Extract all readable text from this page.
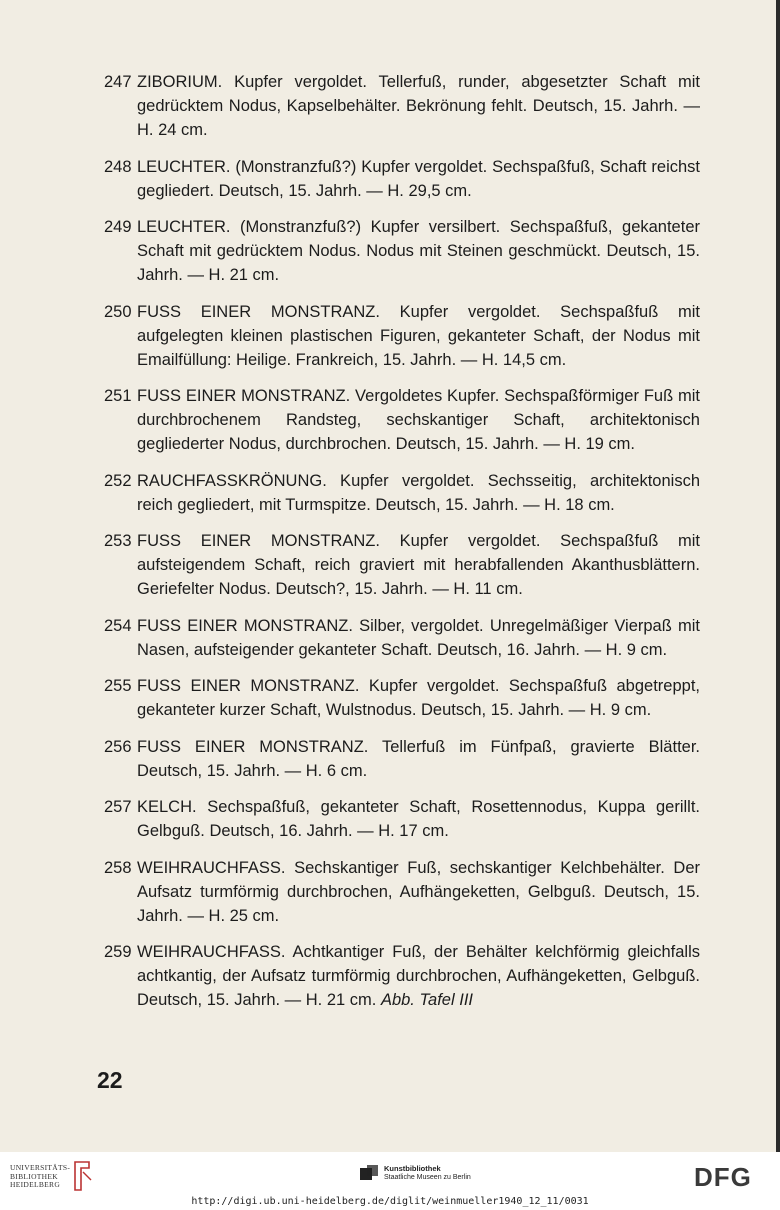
247 ZIBORIUM. Kupfer vergoldet. Tellerfuß, runder, abgesetzter Schaft mit gedrücktem Nodus, Kapselbehälter. Bekrönung fehlt. Deutsch, 15. Jahrh. — H. 24 cm.
248 LEUCHTER. (Monstranzfuß?) Kupfer vergoldet. Sechspaßfuß, Schaft reichst gegliedert. Deutsch, 15. Jahrh. — H. 29,5 cm.
249 LEUCHTER. (Monstranzfuß?) Kupfer versilbert. Sechspaßfuß, gekanteter Schaft mit gedrücktem Nodus. Nodus mit Steinen geschmückt. Deutsch, 15. Jahrh. — H. 21 cm.
250 FUSS EINER MONSTRANZ. Kupfer vergoldet. Sechspaßfuß mit aufgelegten kleinen plastischen Figuren, gekanteter Schaft, der Nodus mit Emailfüllung: Heilige. Frankreich, 15. Jahrh. — H. 14,5 cm.
251 FUSS EINER MONSTRANZ. Vergoldetes Kupfer. Sechspaßförmiger Fuß mit durchbrochenem Randsteg, sechskantiger Schaft, architektonisch gegliederter Nodus, durchbrochen. Deutsch, 15. Jahrh. — H. 19 cm.
252 RAUCHFASSKRÖNUNG. Kupfer vergoldet. Sechsseitig, architektonisch reich gegliedert, mit Turmspitze. Deutsch, 15. Jahrh. — H. 18 cm.
253 FUSS EINER MONSTRANZ. Kupfer vergoldet. Sechspaßfuß mit aufsteigendem Schaft, reich graviert mit herabfallenden Akanthusblättern. Geriefelter Nodus. Deutsch?, 15. Jahrh. — H. 11 cm.
254 FUSS EINER MONSTRANZ. Silber, vergoldet. Unregelmäßiger Vierpaß mit Nasen, aufsteigender gekanteter Schaft. Deutsch, 16. Jahrh. — H. 9 cm.
255 FUSS EINER MONSTRANZ. Kupfer vergoldet. Sechspaßfuß abgetreppt, gekanteter kurzer Schaft, Wulstnodus. Deutsch, 15. Jahrh. — H. 9 cm.
256 FUSS EINER MONSTRANZ. Tellerfuß im Fünfpaß, gravierte Blätter. Deutsch, 15. Jahrh. — H. 6 cm.
257 KELCH. Sechspaßfuß, gekanteter Schaft, Rosettennodus, Kuppa gerillt. Gelbguß. Deutsch, 16. Jahrh. — H. 17 cm.
258 WEIHRAUCHFASS. Sechskantiger Fuß, sechskantiger Kelchbehälter. Der Aufsatz turmförmig durchbrochen, Aufhängeketten, Gelbguß. Deutsch, 15. Jahrh. — H. 25 cm.
259 WEIHRAUCHFASS. Achtkantiger Fuß, der Behälter kelchförmig gleichfalls achtkantig, der Aufsatz turmförmig durchbrochen, Aufhängeketten, Gelbguß. Deutsch, 15. Jahrh. — H. 21 cm. Abb. Tafel III
22
UNIVERSITÄTS-
BIBLIOTHEK
HEIDELBERG
Kunstbibliothek
Staatliche Museen zu Berlin	DFG
http://digi.ub.uni-heidelberg.de/diglit/weinmueller1940_12_11/0031
